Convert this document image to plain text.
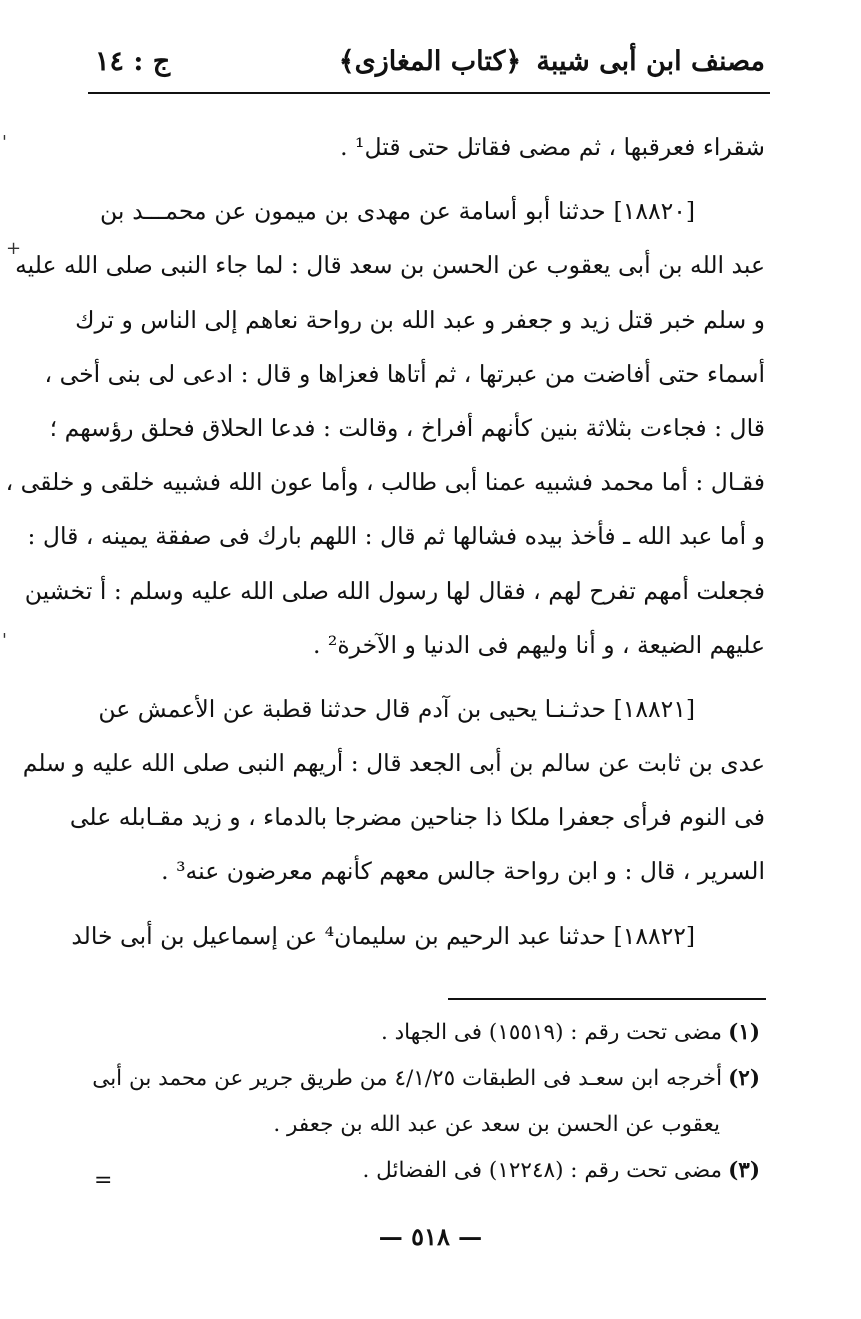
مصنف ابن أبى شيبة
﴿كتاب المغازى﴾
ج : ١٤
شقراء فعرقبها ، ثم مضى فقاتل حتى قتل¹ .
[١٨٨٢٠] حدثنا أبو أسامة عن مهدى بن ميمون عن محمـــد بن
عبد الله بن أبى يعقوب عن الحسن بن سعد قال : لما جاء النبى صلى الله عليه
و سلم خبر قتل زيد و جعفر و عبد الله بن رواحة نعاهم إلى الناس و ترك
أسماء حتى أفاضت من عبرتها ، ثم أتاها فعزاها و قال : ادعى لى بنى أخى ،
قال : فجاءت بثلاثة بنين كأنهم أفراخ ، وقالت : فدعا الحلاق فحلق رؤسهم ؛
فقـال : أما محمد فشبيه عمنا أبى طالب ، وأما عون الله فشبيه خلقى و خلقى ،
و أما عبد الله ـ فأخذ بيده فشالها ثم قال : اللهم بارك فى صفقة يمينه ، قال :
فجعلت أمهم تفرح لهم ، فقال لها رسول الله صلى الله عليه وسلم : أ تخشين
عليهم الضيعة ، و أنا وليهم فى الدنيا و الآخرة² .
[١٨٨٢١] حدثـنـا يحيى بن آدم قال حدثنا قطبة عن الأعمش عن
عدى بن ثابت عن سالم بن أبى الجعد قال : أريهم النبى صلى الله عليه و سلم
فى النوم فرأى جعفرا ملكا ذا جناحين مضرجا بالدماء ، و زيد مقـابله على
السرير ، قال : و ابن رواحة جالس معهم كأنهم معرضون عنه³ .
[١٨٨٢٢] حدثنا عبد الرحيم بن سليمان⁴ عن إسماعيل بن أبى خالد
(١)مضى تحت رقم : (١٥٥١٩) فى الجهاد .
(٢)أخرجه ابن سعـد فى الطبقات ٤/١/٢٥ من طريق جرير عن محمد بن أبى
يعقوب عن الحسن بن سعد عن عبد الله بن جعفر .
(٣)مضى تحت رقم : (١٢٢٤٨) فى الفضائل .
=
— ٥١٨ —
'
+
'
